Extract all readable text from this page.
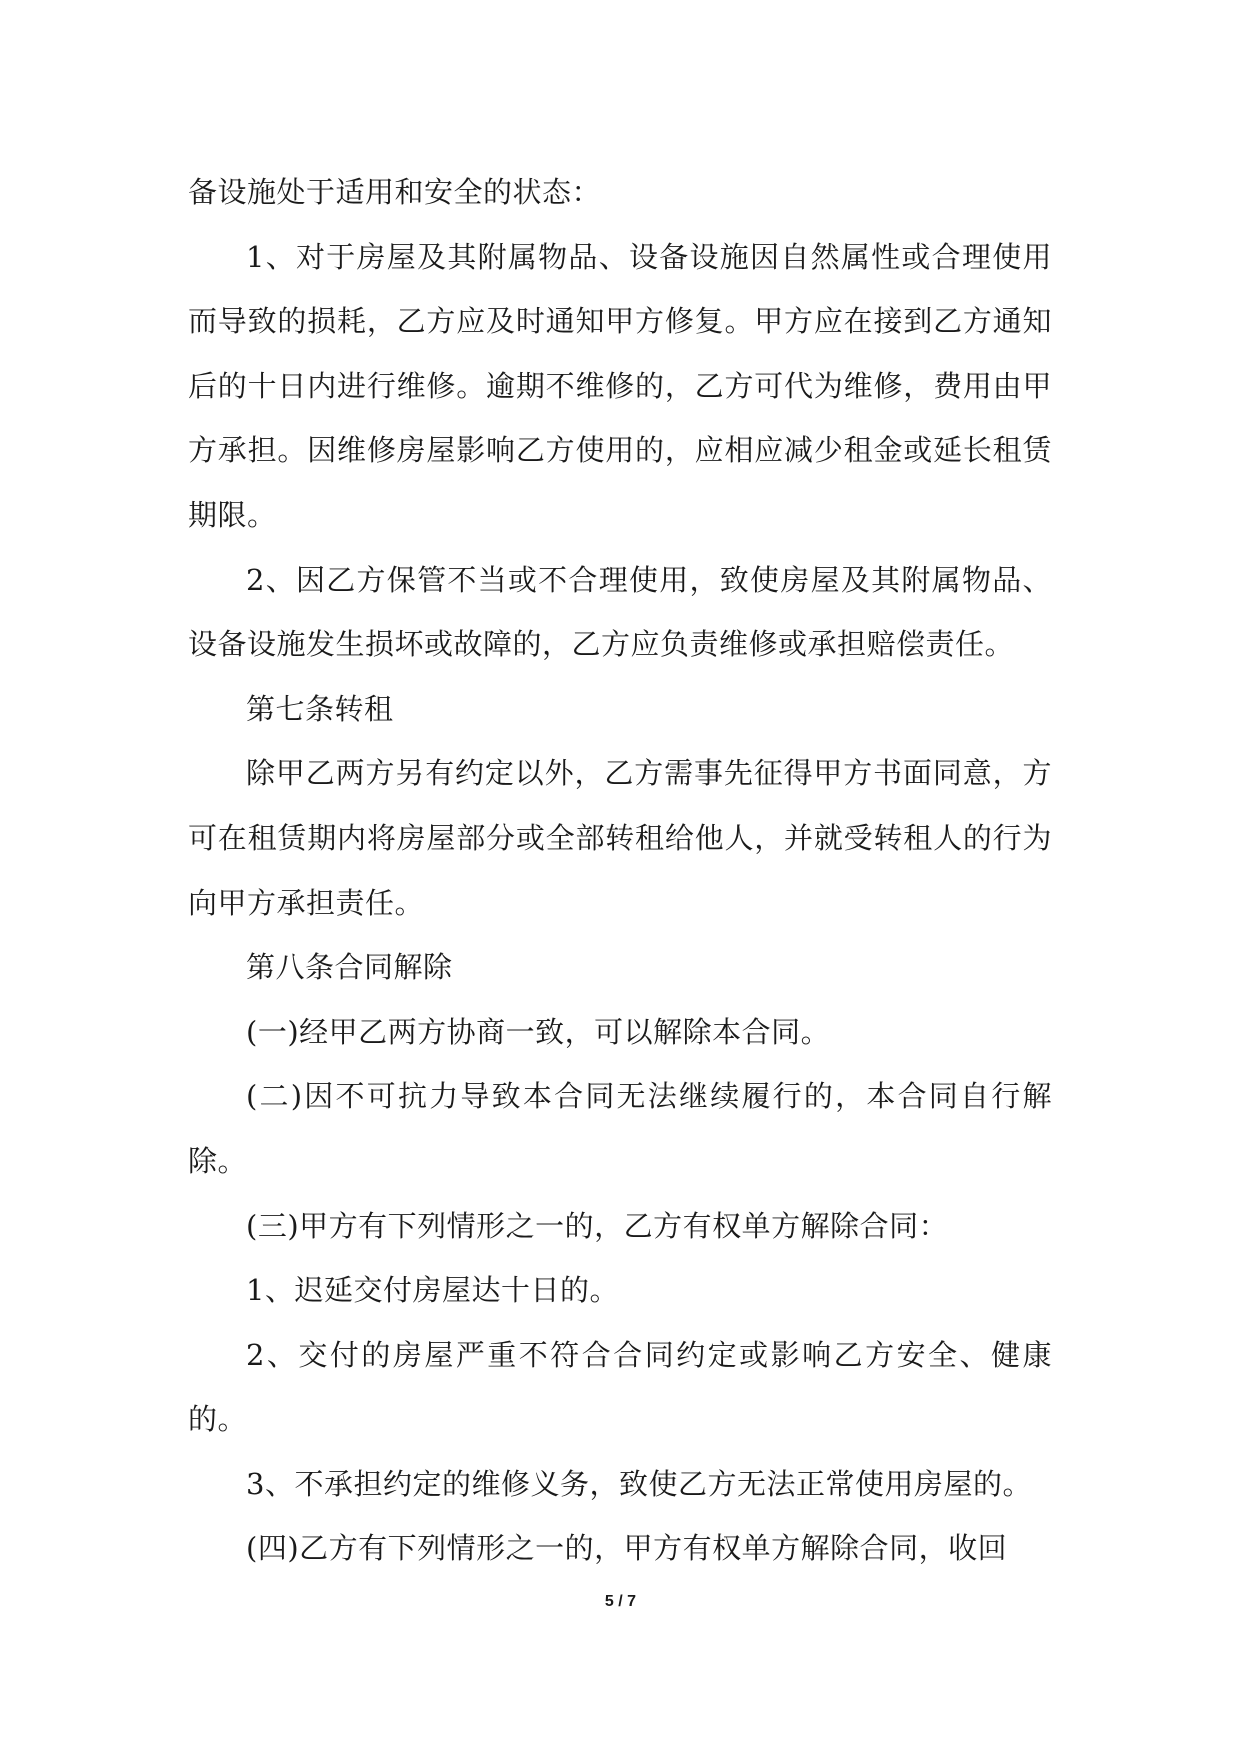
备设施处于适用和安全的状态：

1、对于房屋及其附属物品、设备设施因自然属性或合理使用而导致的损耗，乙方应及时通知甲方修复。甲方应在接到乙方通知后的十日内进行维修。逾期不维修的，乙方可代为维修，费用由甲方承担。因维修房屋影响乙方使用的，应相应减少租金或延长租赁期限。

2、因乙方保管不当或不合理使用，致使房屋及其附属物品、设备设施发生损坏或故障的，乙方应负责维修或承担赔偿责任。

第七条转租

除甲乙两方另有约定以外，乙方需事先征得甲方书面同意，方可在租赁期内将房屋部分或全部转租给他人，并就受转租人的行为向甲方承担责任。

第八条合同解除

(一)经甲乙两方协商一致，可以解除本合同。

(二)因不可抗力导致本合同无法继续履行的，本合同自行解除。

(三)甲方有下列情形之一的，乙方有权单方解除合同：

1、迟延交付房屋达十日的。

2、交付的房屋严重不符合合同约定或影响乙方安全、健康的。

3、不承担约定的维修义务，致使乙方无法正常使用房屋的。

(四)乙方有下列情形之一的，甲方有权单方解除合同，收回

5 / 7
